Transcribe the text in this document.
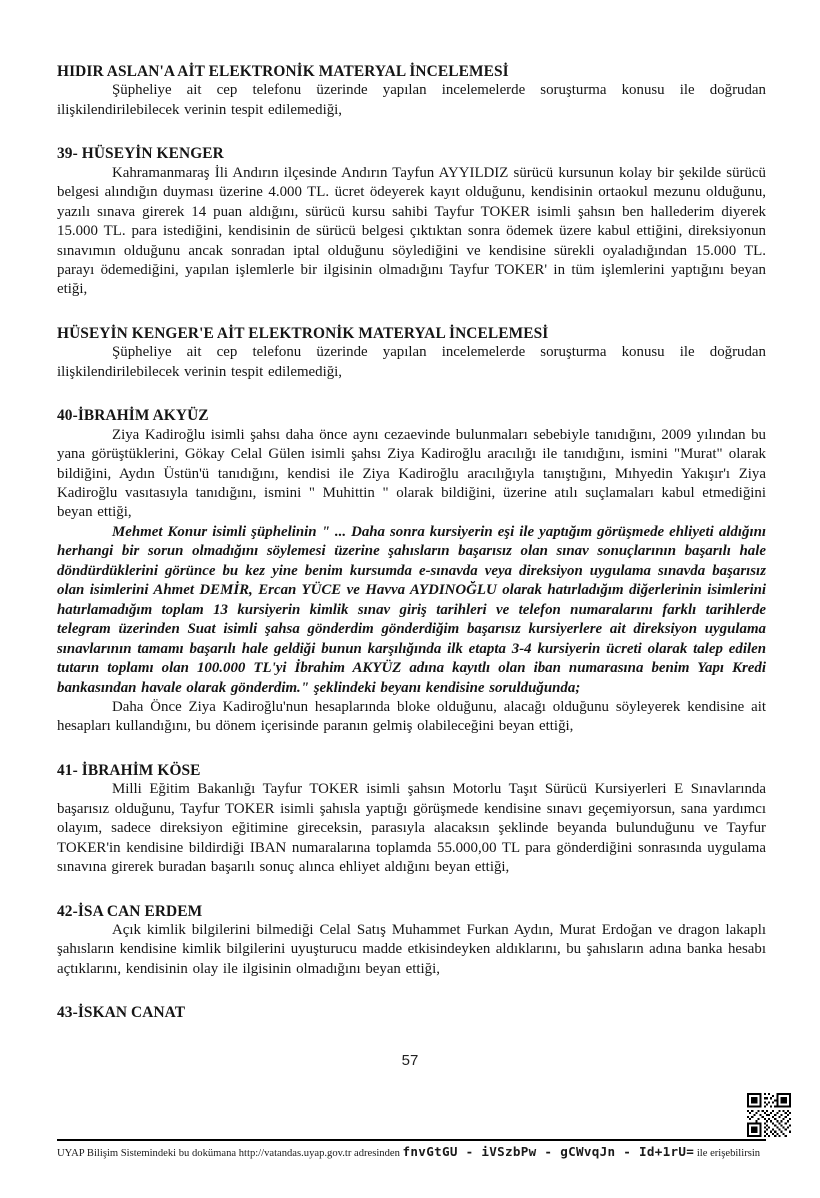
HIDIR ASLAN'A AİT ELEKTRONİK MATERYAL İNCELEMESİ

Şüpheliye ait cep telefonu üzerinde yapılan incelemelerde soruşturma konusu ile doğrudan ilişkilendirilebilecek verinin tespit edilemediği,

39- HÜSEYİN KENGER

Kahramanmaraş İli Andırın ilçesinde Andırın Tayfun AYYILDIZ sürücü kursunun kolay bir şekilde sürücü belgesi alındığın duyması üzerine 4.000 TL. ücret ödeyerek kayıt olduğunu, kendisinin ortaokul mezunu olduğunu, yazılı sınava girerek 14 puan aldığını, sürücü kursu sahibi Tayfur TOKER isimli şahsın ben hallederim diyerek 15.000 TL. para istediğini, kendisinin de sürücü belgesi çıktıktan sonra ödemek üzere kabul ettiğini, direksiyonun sınavımın olduğunu ancak sonradan iptal olduğunu söylediğini ve kendisine sürekli oyaladığından 15.000 TL. parayı ödemediğini, yapılan işlemlerle bir ilgisinin olmadığını Tayfur TOKER' in tüm işlemlerini yaptığını beyan etiği,

HÜSEYİN KENGER'E AİT ELEKTRONİK MATERYAL İNCELEMESİ

Şüpheliye ait cep telefonu üzerinde yapılan incelemelerde soruşturma konusu ile doğrudan ilişkilendirilebilecek verinin tespit edilemediği,

40-İBRAHİM AKYÜZ

Ziya Kadiroğlu isimli şahsı daha önce aynı cezaevinde bulunmaları sebebiyle tanıdığını, 2009 yılından bu yana görüştüklerini, Gökay Celal Gülen isimli şahsı Ziya Kadiroğlu aracılığı ile tanıdığını, ismini "Murat" olarak bildiğini, Aydın Üstün'ü tanıdığını, kendisi ile Ziya Kadiroğlu aracılığıyla tanıştığını, Mıhyedin Yakışır'ı Ziya Kadiroğlu vasıtasıyla tanıdığını, ismini " Muhittin " olarak bildiğini, üzerine atılı suçlamaları kabul etmediğini beyan ettiği,

Mehmet Konur isimli şüphelinin " ... Daha sonra kursiyerin eşi ile yaptığım görüşmede ehliyeti aldığını herhangi bir sorun olmadığını söylemesi üzerine şahısların başarısız olan sınav sonuçlarının başarılı hale döndürdüklerini görünce bu kez yine benim kursumda e-sınavda veya direksiyon uygulama sınavda başarısız olan isimlerini Ahmet DEMİR, Ercan YÜCE ve Havva AYDINOĞLU olarak hatırladığım diğerlerinin isimlerini hatırlamadığım toplam 13 kursiyerin kimlik sınav giriş tarihleri ve telefon numaralarını farklı tarihlerde telegram üzerinden Suat isimli şahsa gönderdim gönderdiğim başarısız kursiyerlere ait direksiyon uygulama sınavlarının tamamı başarılı hale geldiği bunun karşılığında ilk etapta 3-4 kursiyerin ücreti olarak talep edilen tutarın toplamı olan 100.000 TL'yi İbrahim AKYÜZ adına kayıtlı olan iban numarasına benim Yapı Kredi bankasından havale olarak gönderdim." şeklindeki beyanı kendisine sorulduğunda;

Daha Önce Ziya Kadiroğlu'nun hesaplarında bloke olduğunu, alacağı olduğunu söyleyerek kendisine ait hesapları kullandığını, bu dönem içerisinde paranın gelmiş olabileceğini beyan ettiği,

41- İBRAHİM KÖSE

Milli Eğitim Bakanlığı Tayfur TOKER isimli şahsın Motorlu Taşıt Sürücü Kursiyerleri E Sınavlarında başarısız olduğunu, Tayfur TOKER isimli şahısla yaptığı görüşmede kendisine sınavı geçemiyorsun, sana yardımcı olayım, sadece direksiyon eğitimine gireceksin, parasıyla alacaksın şeklinde beyanda bulunduğunu ve Tayfur TOKER'in kendisine bildirdiği IBAN numaralarına toplamda 55.000,00 TL para gönderdiğini sonrasında uygulama sınavına girerek buradan başarılı sonuç alınca ehliyet aldığını beyan ettiği,

42-İSA CAN ERDEM

Açık kimlik bilgilerini bilmediği Celal Satış Muhammet Furkan Aydın, Murat Erdoğan ve dragon lakaplı şahısların kendisine kimlik bilgilerini uyuşturucu madde etkisindeyken aldıklarını, bu şahısların adına banka hesabı açtıklarını, kendisinin olay ile ilgisinin olmadığını beyan ettiği,

43-İSKAN CANAT
57
UYAP Bilişim Sistemindeki bu dokümana http://vatandas.uyap.gov.tr adresinden fnvGtGU - iVSzbPw - gCWvqJn - Id+1rU= ile erişebilirsin
